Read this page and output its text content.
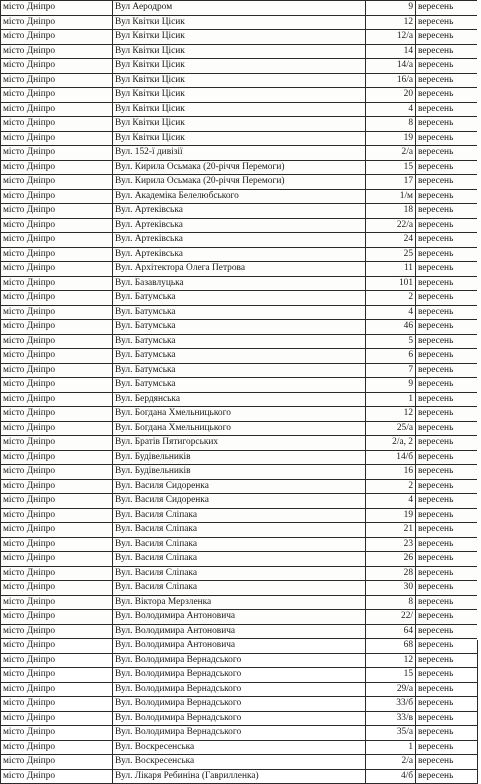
місто Дніпро	Вул Аеродром	9	вересень
місто Дніпро	Вул Квітки Цісик	12	вересень
місто Дніпро	Вул Квітки Цісик	12/а	вересень
місто Дніпро	Вул Квітки Цісик	14	вересень
місто Дніпро	Вул Квітки Цісик	14/а	вересень
місто Дніпро	Вул Квітки Цісик	16/а	вересень
місто Дніпро	Вул Квітки Цісик	20	вересень
місто Дніпро	Вул Квітки Цісик	4	вересень
місто Дніпро	Вул Квітки Цісик	8	вересень
місто Дніпро	Вул Квітки Цісик	19	вересень
місто Дніпро	Вул. 152-ї дивізії	2/а	вересень
місто Дніпро	Вул. Кирила Осьмака (20-річчя Перемоги)	15	вересень
місто Дніпро	Вул. Кирила Осьмака (20-річчя Перемоги)	17	вересень
місто Дніпро	Вул. Академіка Белелюбського	1/м	вересень
місто Дніпро	Вул. Артеківська	18	вересень
місто Дніпро	Вул. Артеківська	22/а	вересень
місто Дніпро	Вул. Артеківська	24	вересень
місто Дніпро	Вул. Артеківська	25	вересень
місто Дніпро	Вул. Архітектора Олега Петрова	11	вересень
місто Дніпро	Вул. Базавлуцька	101	вересень
місто Дніпро	Вул. Батумська	2	вересень
місто Дніпро	Вул. Батумська	4	вересень
місто Дніпро	Вул. Батумська	46	вересень
місто Дніпро	Вул. Батумська	5	вересень
місто Дніпро	Вул. Батумська	6	вересень
місто Дніпро	Вул. Батумська	7	вересень
місто Дніпро	Вул. Батумська	9	вересень
місто Дніпро	Вул. Бердянська	1	вересень
місто Дніпро	Вул. Богдана Хмельницького	12	вересень
місто Дніпро	Вул. Богдана Хмельницького	25/а	вересень
місто Дніпро	Вул. Братів Пятигорських	2/а, 2	вересень
місто Дніпро	Вул. Будівельників	14/б	вересень
місто Дніпро	Вул. Будівельників	16	вересень
місто Дніпро	Вул. Василя Сидоренка	2	вересень
місто Дніпро	Вул. Василя Сидоренка	4	вересень
місто Дніпро	Вул. Василя Сліпака	19	вересень
місто Дніпро	Вул. Василя Сліпака	21	вересень
місто Дніпро	Вул. Василя Сліпака	23	вересень
місто Дніпро	Вул. Василя Сліпака	26	вересень
місто Дніпро	Вул. Василя Сліпака	28	вересень
місто Дніпро	Вул. Василя Сліпака	30	вересень
місто Дніпро	Вул. Віктора Мерзленка	8	вересень
місто Дніпро	Вул. Володимира Антоновича	22/	вересень
місто Дніпро	Вул. Володимира Антоновича	64	вересень
місто Дніпро	Вул. Володимира Антоновича	68	вересень
місто Дніпро	Вул. Володимира Вернадського	12	вересень
місто Дніпро	Вул. Володимира Вернадського	15	вересень
місто Дніпро	Вул. Володимира Вернадського	29/а	вересень
місто Дніпро	Вул. Володимира Вернадського	33/б	вересень
місто Дніпро	Вул. Володимира Вернадського	33/в	вересень
місто Дніпро	Вул. Володимира Вернадського	35/а	вересень
місто Дніпро	Вул. Воскресенська	1	вересень
місто Дніпро	Вул. Воскресенська	2/а	вересень
місто Дніпро	Вул. Лікаря Ребиніна (Гаврилленка)	4/б	вересень
